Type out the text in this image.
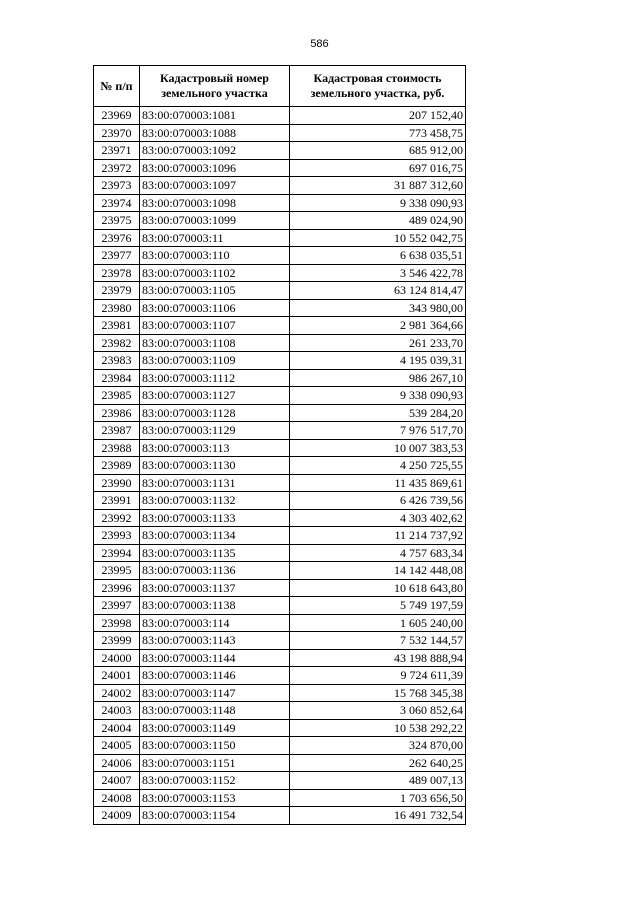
586
№ п/п	Кадастровый номер земельного участка	Кадастровая стоимость земельного участка, руб.
23969	83:00:070003:1081	207 152,40
23970	83:00:070003:1088	773 458,75
23971	83:00:070003:1092	685 912,00
23972	83:00:070003:1096	697 016,75
23973	83:00:070003:1097	31 887 312,60
23974	83:00:070003:1098	9 338 090,93
23975	83:00:070003:1099	489 024,90
23976	83:00:070003:11	10 552 042,75
23977	83:00:070003:110	6 638 035,51
23978	83:00:070003:1102	3 546 422,78
23979	83:00:070003:1105	63 124 814,47
23980	83:00:070003:1106	343 980,00
23981	83:00:070003:1107	2 981 364,66
23982	83:00:070003:1108	261 233,70
23983	83:00:070003:1109	4 195 039,31
23984	83:00:070003:1112	986 267,10
23985	83:00:070003:1127	9 338 090,93
23986	83:00:070003:1128	539 284,20
23987	83:00:070003:1129	7 976 517,70
23988	83:00:070003:113	10 007 383,53
23989	83:00:070003:1130	4 250 725,55
23990	83:00:070003:1131	11 435 869,61
23991	83:00:070003:1132	6 426 739,56
23992	83:00:070003:1133	4 303 402,62
23993	83:00:070003:1134	11 214 737,92
23994	83:00:070003:1135	4 757 683,34
23995	83:00:070003:1136	14 142 448,08
23996	83:00:070003:1137	10 618 643,80
23997	83:00:070003:1138	5 749 197,59
23998	83:00:070003:114	1 605 240,00
23999	83:00:070003:1143	7 532 144,57
24000	83:00:070003:1144	43 198 888,94
24001	83:00:070003:1146	9 724 611,39
24002	83:00:070003:1147	15 768 345,38
24003	83:00:070003:1148	3 060 852,64
24004	83:00:070003:1149	10 538 292,22
24005	83:00:070003:1150	324 870,00
24006	83:00:070003:1151	262 640,25
24007	83:00:070003:1152	489 007,13
24008	83:00:070003:1153	1 703 656,50
24009	83:00:070003:1154	16 491 732,54
